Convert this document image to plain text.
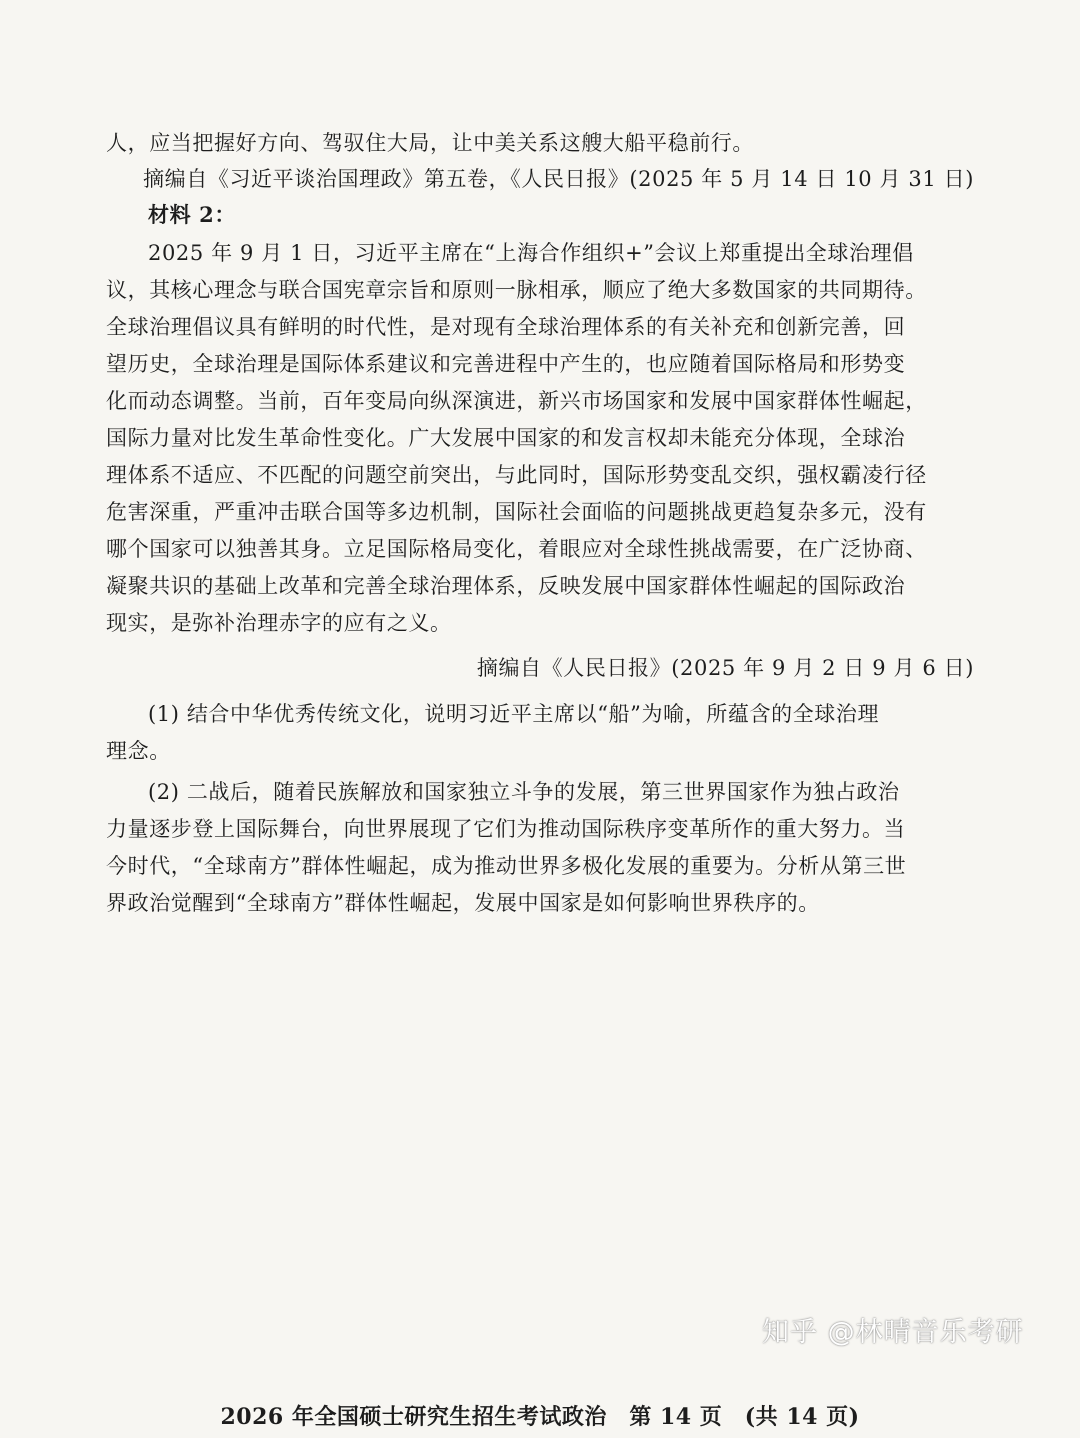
人，应当把握好方向、驾驭住大局，让中美关系这艘大船平稳前行。
摘编自《习近平谈治国理政》第五卷，《人民日报》(2025 年 5 月 14 日 10 月 31 日)
材料 2：
2025 年 9 月 1 日，习近平主席在“上海合作组织+”会议上郑重提出全球治理倡
议，其核心理念与联合国宪章宗旨和原则一脉相承，顺应了绝大多数国家的共同期待。
全球治理倡议具有鲜明的时代性，是对现有全球治理体系的有关补充和创新完善，回
望历史，全球治理是国际体系建议和完善进程中产生的，也应随着国际格局和形势变
化而动态调整。当前，百年变局向纵深演进，新兴市场国家和发展中国家群体性崛起，
国际力量对比发生革命性变化。广大发展中国家的和发言权却未能充分体现，全球治
理体系不适应、不匹配的问题空前突出，与此同时，国际形势变乱交织，强权霸凌行径
危害深重，严重冲击联合国等多边机制，国际社会面临的问题挑战更趋复杂多元，没有
哪个国家可以独善其身。立足国际格局变化，着眼应对全球性挑战需要，在广泛协商、
凝聚共识的基础上改革和完善全球治理体系，反映发展中国家群体性崛起的国际政治
现实，是弥补治理赤字的应有之义。
摘编自《人民日报》(2025 年 9 月 2 日 9 月 6 日)
(1) 结合中华优秀传统文化，说明习近平主席以“船”为喻，所蕴含的全球治理
理念。
(2) 二战后，随着民族解放和国家独立斗争的发展，第三世界国家作为独占政治
力量逐步登上国际舞台，向世界展现了它们为推动国际秩序变革所作的重大努力。当
今时代，“全球南方”群体性崛起，成为推动世界多极化发展的重要为。分析从第三世
界政治觉醒到“全球南方”群体性崛起，发展中国家是如何影响世界秩序的。
知乎 @林晴音乐考研
2026 年全国硕士研究生招生考试政治　第 14 页　(共 14 页)
